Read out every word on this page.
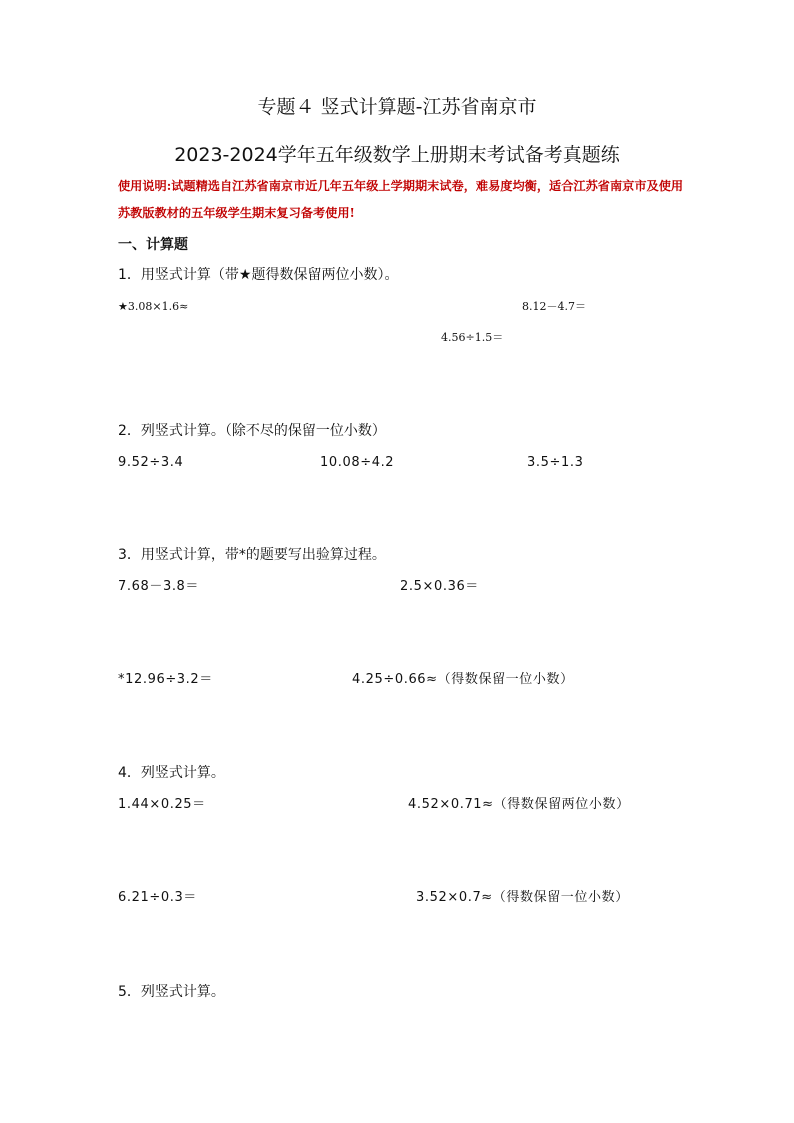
专题４ 竖式计算题-江苏省南京市
2023-2024学年五年级数学上册期末考试备考真题练
使用说明:试题精选自江苏省南京市近几年五年级上学期期末试卷，难易度均衡，适合江苏省南京市及使用苏教版教材的五年级学生期末复习备考使用!
一、计算题
1．用竖式计算（带★题得数保留两位小数）。
★3.08×1.6≈	8.12－4.7＝
4.56÷1.5＝
2．列竖式计算。（除不尽的保留一位小数）
9.52÷3.4	10.08÷4.2	3.5÷1.3
3．用竖式计算，带*的题要写出验算过程。
7.68－3.8＝	2.5×0.36＝
*12.96÷3.2＝	4.25÷0.66≈（得数保留一位小数）
4．列竖式计算。
1.44×0.25＝	4.52×0.71≈（得数保留两位小数）
6.21÷0.3＝	3.52×0.7≈（得数保留一位小数）
5．列竖式计算。
